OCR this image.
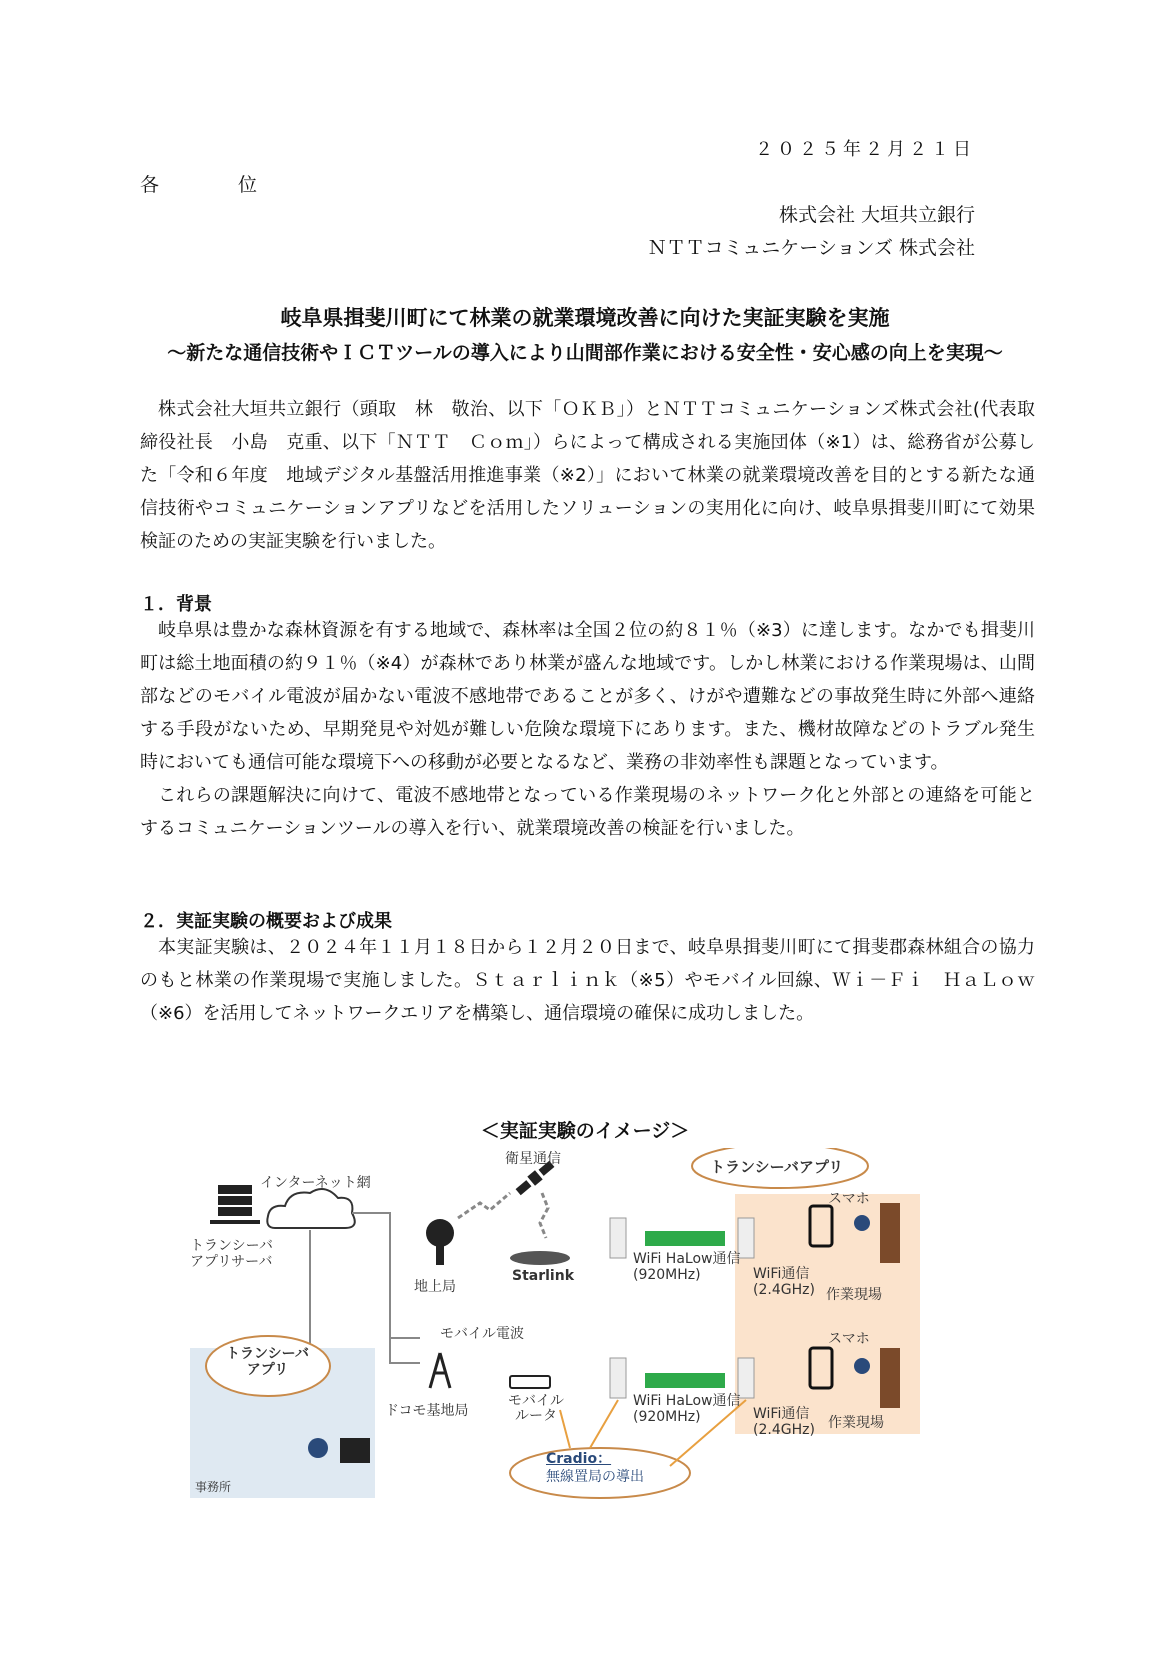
２０２５年２月２１日
各　位
株式会社 大垣共立銀行
ＮＴＴコミュニケーションズ 株式会社
岐阜県揖斐川町にて林業の就業環境改善に向けた実証実験を実施
～新たな通信技術やＩＣＴツールの導入により山間部作業における安全性・安心感の向上を実現～

株式会社大垣共立銀行（頭取　林　敬治、以下「ＯＫＢ」）とＮＴＴコミュニケーションズ株式会社(代表取締役社長　小島　克重、以下「ＮＴＴ　Ｃｏｍ」）らによって構成される実施団体（※1）は、総務省が公募した「令和６年度　地域デジタル基盤活用推進事業（※2）」において林業の就業環境改善を目的とする新たな通信技術やコミュニケーションアプリなどを活用したソリューションの実用化に向け、岐阜県揖斐川町にて効果検証のための実証実験を行いました。

１．背景

岐阜県は豊かな森林資源を有する地域で、森林率は全国２位の約８１％（※3）に達します。なかでも揖斐川町は総土地面積の約９１％（※4）が森林であり林業が盛んな地域です。しかし林業における作業現場は、山間部などのモバイル電波が届かない電波不感地帯であることが多く、けがや遭難などの事故発生時に外部へ連絡する手段がないため、早期発見や対処が難しい危険な環境下にあります。また、機材故障などのトラブル発生時においても通信可能な環境下への移動が必要となるなど、業務の非効率性も課題となっています。

これらの課題解決に向けて、電波不感地帯となっている作業現場のネットワーク化と外部との連絡を可能とするコミュニケーションツールの導入を行い、就業環境改善の検証を行いました。

２．実証実験の概要および成果

本実証実験は、２０２４年１１月１８日から１２月２０日まで、岐阜県揖斐川町にて揖斐郡森林組合の協力のもと林業の作業現場で実施しました。Ｓｔａｒｌｉｎｋ（※5）やモバイル回線、Ｗｉ－Ｆｉ　ＨａＬｏｗ（※6）を活用してネットワークエリアを構築し、通信環境の確保に成功しました。

＜実証実験のイメージ＞
衛星通信
インターネット網
トランシーバアプリ
トランシーバ
アプリサーバ
地上局
Starlink
WiFi HaLow通信
(920MHz)	WiFi通信
(2.4GHz)
スマホ
作業現場
モバイル電波
ドコモ基地局
モバイル
ルータ
WiFi HaLow通信
(920MHz)	WiFi通信
(2.4GHz)
スマホ
作業現場
トランシーバ
アプリ
事務所
Cradio：
無線置局の導出
